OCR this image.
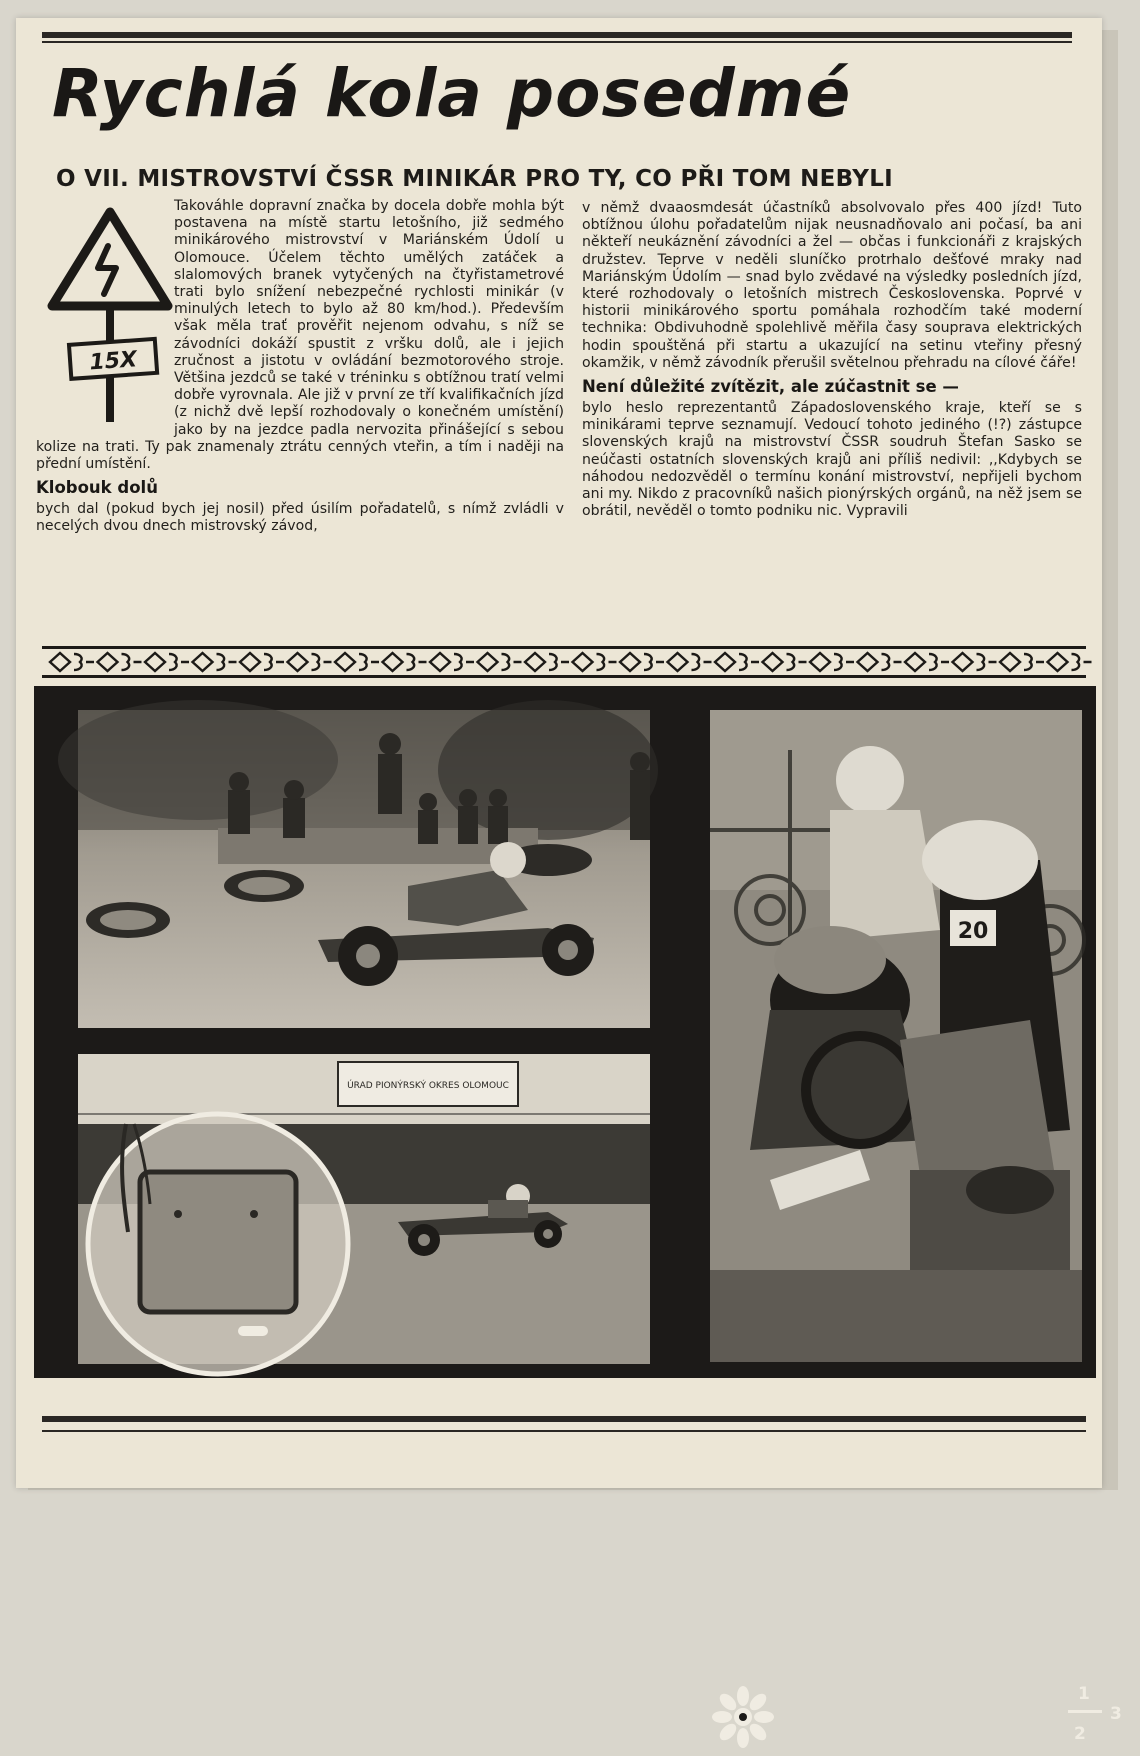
Rychlá kola posedmé
O VII. MISTROVSTVÍ ČSSR MINIKÁR PRO TY, CO PŘI TOM NEBYLI
15X

Takováhle dopravní značka by docela dobře mohla být postavena na místě startu letošního, již sedmého minikárového mistrovství v Mariánském Údolí u Olomouce. Účelem těchto umělých zatáček a slalomových branek vytyčených na čtyřistametrové trati bylo snížení nebezpečné rychlosti minikár (v minulých letech to bylo až 80 km/hod.). Především však měla trať prověřit nejenom odvahu, s níž se závodníci dokáží spustit z vršku dolů, ale i jejich zručnost a jistotu v ovládání bezmotorového stroje. Většina jezdců se také v tréninku s obtížnou tratí velmi dobře vyrovnala. Ale již v první ze tří kvalifikačních jízd (z nichž dvě lepší rozhodovaly o konečném umístění) jako by na jezdce padla nervozita přinášející s sebou kolize na trati. Ty pak znamenaly ztrátu cenných vteřin, a tím i naději na přední umístění.

Klobouk dolů

bych dal (pokud bych jej nosil) před úsilím pořadatelů, s nímž zvládli v necelých dvou dnech mistrovský závod,

v němž dvaaosmdesát účastníků absolvovalo přes 400 jízd! Tuto obtížnou úlohu pořadatelům nijak neusnadňovalo ani počasí, ba ani někteří neukáznění závodníci a žel — občas i funkcionáři z krajských družstev. Teprve v neděli sluníčko protrhalo dešťové mraky nad Mariánským Údolím — snad bylo zvědavé na výsledky posledních jízd, které rozhodovaly o letošních mistrech Československa. Poprvé v historii minikárového sportu pomáhala rozhodčím také moderní technika: Obdivuhodně spolehlivě měřila časy souprava elektrických hodin spouštěná při startu a ukazující na setinu vteřiny přesný okamžik, v němž závodník přerušil světelnou přehradu na cílové čáře!

Není důležité zvítězit, ale zúčastnit se —

bylo heslo reprezentantů Západoslovenského kraje, kteří se s minikárami teprve seznamují. Vedoucí tohoto jediného (!?) zástupce slovenských krajů na mistrovství ČSSR soudruh Štefan Sasko se neúčasti ostatních slovenských krajů ani příliš nedivil: ,,Kdybych se náhodou nedozvěděl o termínu konání mistrovství, nepřijeli bychom ani my. Nikdo z pracovníků našich pionýrských orgánů, na něž jsem se obrátil, nevěděl o tomto podniku nic. Vypravili

ÚRAD PIONÝRSKÝ OKRES OLOMOUC
20
1
2
3
